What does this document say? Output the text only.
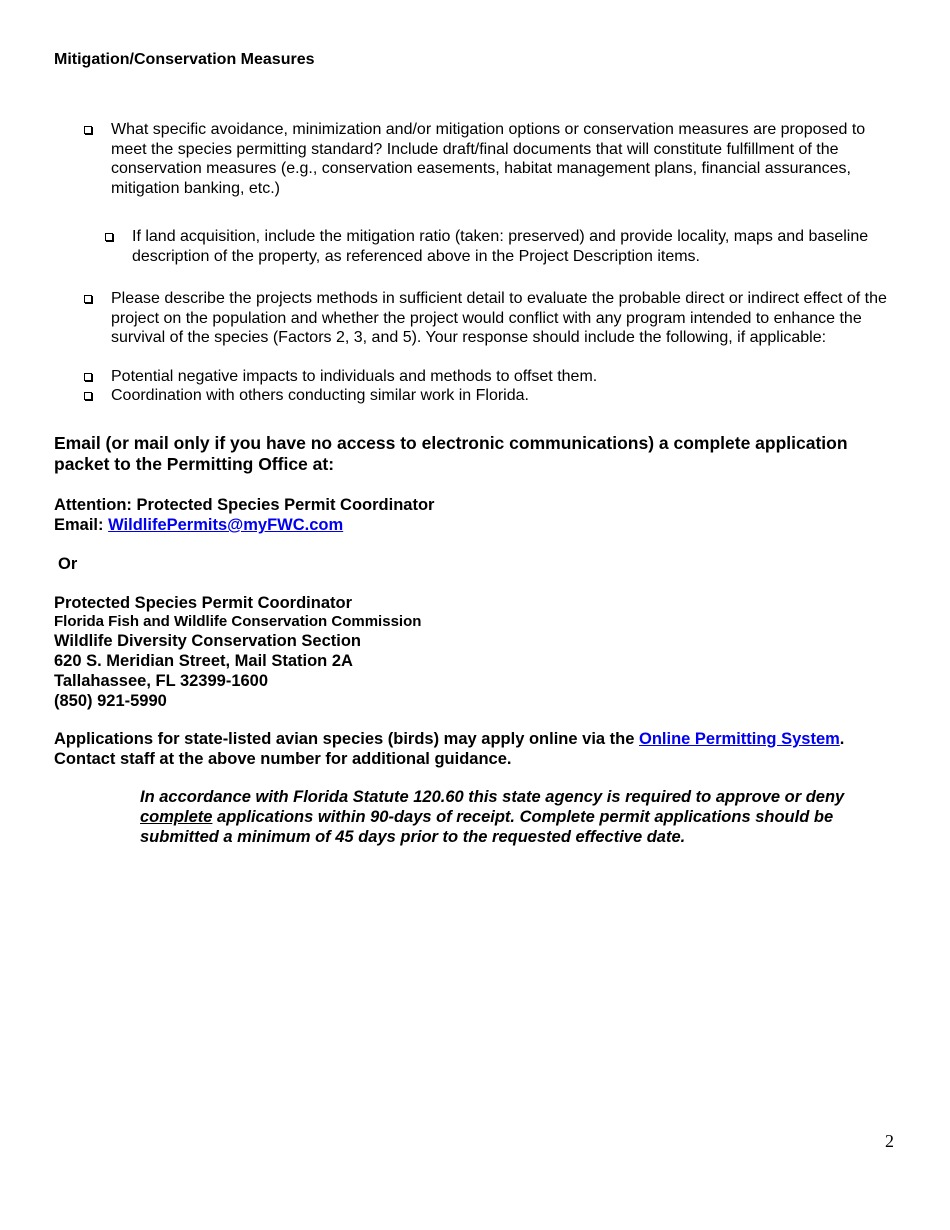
Mitigation/Conservation Measures
What specific avoidance, minimization and/or mitigation options or conservation measures are proposed to meet the species permitting standard? Include draft/final documents that will constitute fulfillment of the conservation measures (e.g., conservation easements, habitat management plans, financial assurances, mitigation banking, etc.)
If land acquisition, include the mitigation ratio (taken: preserved) and provide locality, maps and baseline description of the property, as referenced above in the Project Description items.
Please describe the projects methods in sufficient detail to evaluate the probable direct or indirect effect of the project on the population and whether the project would conflict with any program intended to enhance the survival of the species (Factors 2, 3, and 5). Your response should include the following, if applicable:
Potential negative impacts to individuals and methods to offset them.
Coordination with others conducting similar work in Florida.
Email (or mail only if you have no access to electronic communications) a complete application packet to the Permitting Office at:
Attention: Protected Species Permit Coordinator
Email: WildlifePermits@myFWC.com
Or
Protected Species Permit Coordinator
Florida Fish and Wildlife Conservation Commission
Wildlife Diversity Conservation Section
620 S. Meridian Street, Mail Station 2A
Tallahassee, FL 32399-1600
(850) 921-5990
Applications for state-listed avian species (birds) may apply online via the Online Permitting System.
Contact staff at the above number for additional guidance.
In accordance with Florida Statute 120.60 this state agency is required to approve or deny complete applications within 90-days of receipt. Complete permit applications should be submitted a minimum of 45 days prior to the requested effective date.
2
